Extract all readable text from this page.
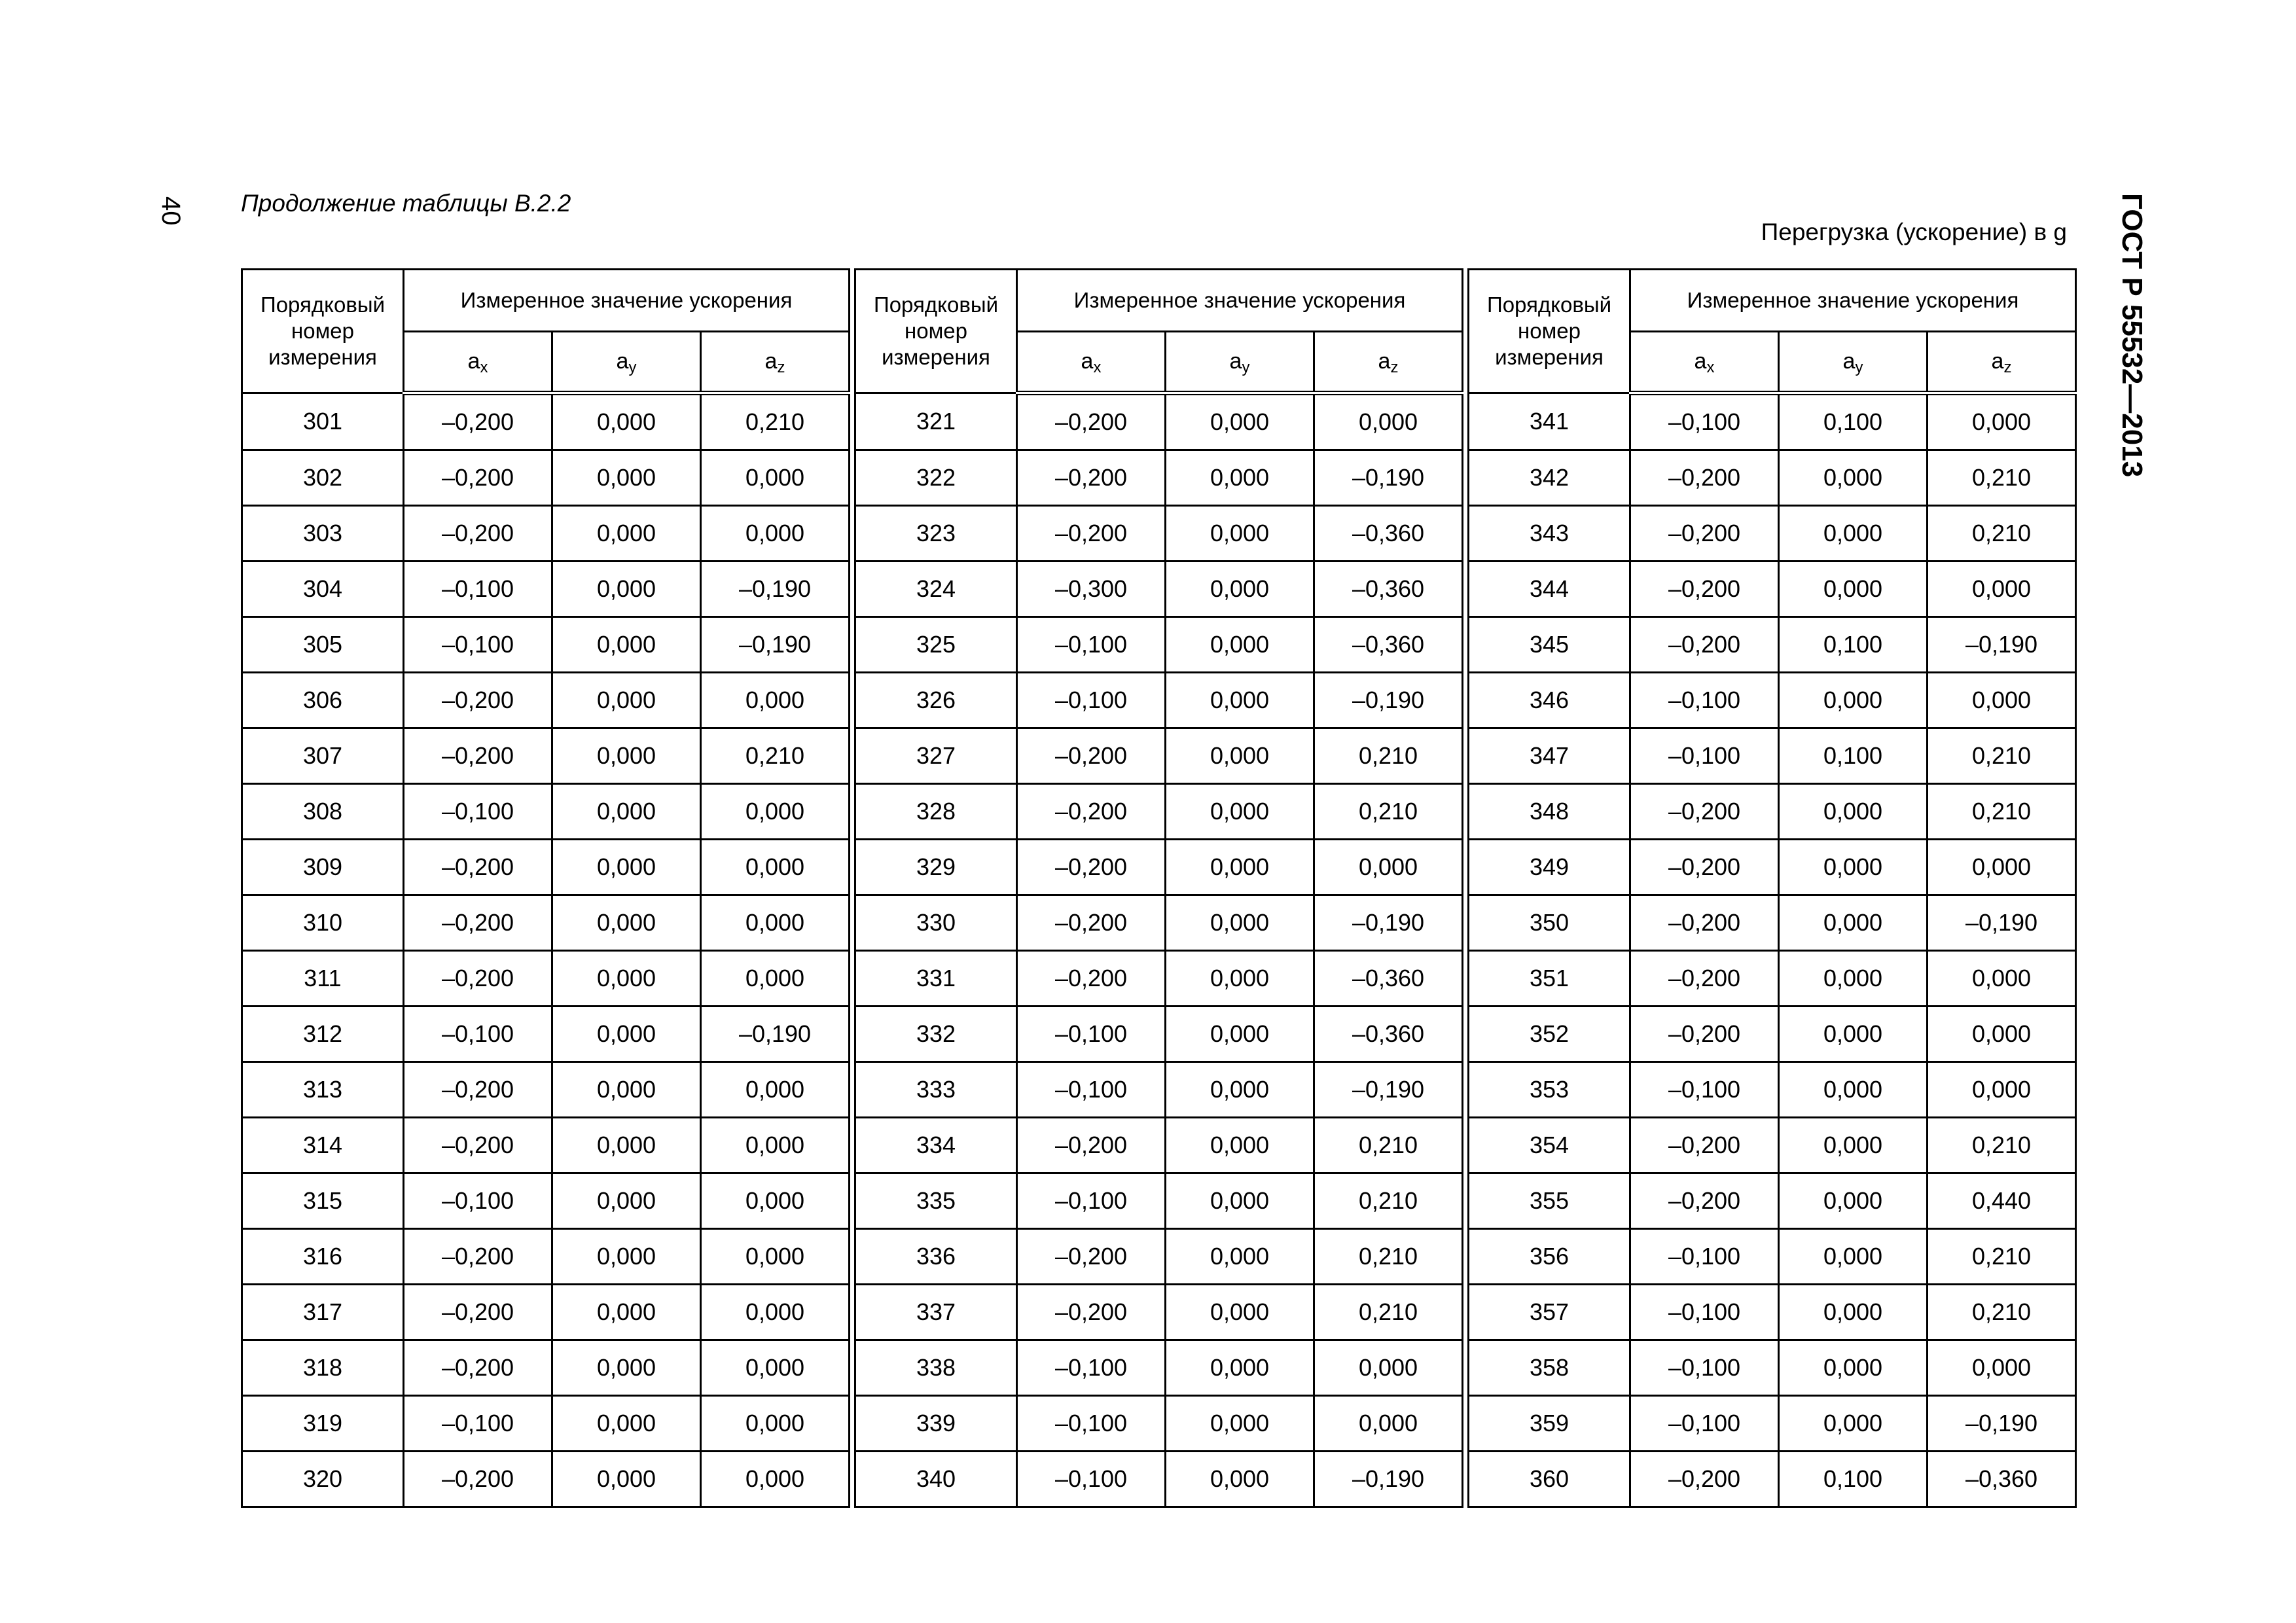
40 Продолжение таблицы В.2.2
Перегрузка (ускорение) в g ГОСТ Р 55532—2013
Порядковый номер измерения	Измеренное значение ускорения		
	$a_x$	$a_y$	$a_z$
301	–0,200	0,000	0,210
302	–0,200	0,000	0,000
303	–0,200	0,000	0,000
304	–0,100	0,000	–0,190
305	–0,100	0,000	–0,190
306	–0,200	0,000	0,000
307	–0,200	0,000	0,210
308	–0,100	0,000	0,000
309	–0,200	0,000	0,000
310	–0,200	0,000	0,000
311	–0,200	0,000	0,000
312	–0,100	0,000	–0,190
313	–0,200	0,000	0,000
314	–0,200	0,000	0,000
315	–0,100	0,000	0,000
316	–0,200	0,000	0,000
317	–0,200	0,000	0,000
318	–0,200	0,000	0,000
319	–0,100	0,000	0,000
320	–0,200	0,000	0,000
Порядковый номер измерения	Измеренное значение ускорения		
	$a_x$	$a_y$	$a_z$
321	–0,200	0,000	0,000
322	–0,200	0,000	–0,190
323	–0,200	0,000	–0,360
324	–0,300	0,000	–0,360
325	–0,100	0,000	–0,360
326	–0,100	0,000	–0,190
327	–0,200	0,000	0,210
328	–0,200	0,000	0,210
329	–0,200	0,000	0,000
330	–0,200	0,000	–0,190
331	–0,200	0,000	–0,360
332	–0,100	0,000	–0,360
333	–0,100	0,000	–0,190
334	–0,200	0,000	0,210
335	–0,100	0,000	0,210
336	–0,200	0,000	0,210
337	–0,200	0,000	0,210
338	–0,100	0,000	0,000
339	–0,100	0,000	0,000
340	–0,100	0,000	–0,190
Порядковый номер измерения	Измеренное значение ускорения		
	$a_x$	$a_y$	$a_z$
341	–0,100	0,100	0,000
342	–0,200	0,000	0,210
343	–0,200	0,000	0,210
344	–0,200	0,000	0,000
345	–0,200	0,100	–0,190
346	–0,100	0,000	0,000
347	–0,100	0,100	0,210
348	–0,200	0,000	0,210
349	–0,200	0,000	0,000
350	–0,200	0,000	–0,190
351	–0,200	0,000	0,000
352	–0,200	0,000	0,000
353	–0,100	0,000	0,000
354	–0,200	0,000	0,210
355	–0,200	0,000	0,440
356	–0,100	0,000	0,210
357	–0,100	0,000	0,210
358	–0,100	0,000	0,000
359	–0,100	0,000	–0,190
360	–0,200	0,100	–0,360
